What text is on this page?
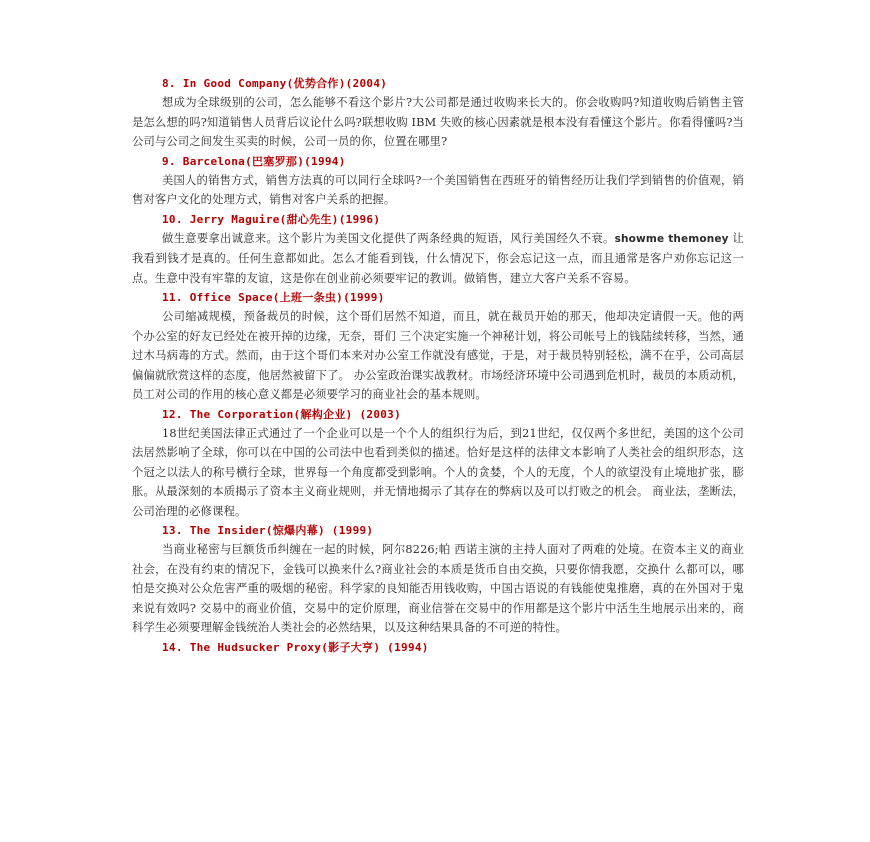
8. In Good Company(优势合作)(2004)

想成为全球级别的公司，怎么能够不看这个影片?大公司都是通过收购来长大的。你会收购吗?知道收购后销售主管是怎么想的吗?知道销售人员背后议论什么吗?联想收购 IBM 失败的核心因素就是根本没有看懂这个影片。你看得懂吗?当公司与公司之间发生买卖的时候，公司一员的你，位置在哪里?

9. Barcelona(巴塞罗那)(1994)

美国人的销售方式，销售方法真的可以同行全球吗?一个美国销售在西班牙的销售经历让我们学到销售的价值观，销售对客户文化的处理方式，销售对客户关系的把握。

10. Jerry Maguire(甜心先生)(1996)

做生意要拿出诚意来。这个影片为美国文化提供了两条经典的短语，风行美国经久不衰。showme themoney 让我看到钱才是真的。任何生意都如此。怎么才能看到钱，什么情况下，你会忘记这一点，而且通常是客户劝你忘记这一点。生意中没有牢靠的友谊，这是你在创业前必须要牢记的教训。做销售，建立大客户关系不容易。

11. Office Space(上班一条虫)(1999)

公司缩减规模，预备裁员的时候，这个哥们居然不知道，而且，就在裁员开始的那天，他却决定请假一天。他的两个办公室的好友已经处在被开掉的边缘，无奈，哥们 三个决定实施一个神秘计划，将公司帐号上的钱陆续转移，当然，通过木马病毒的方式。然而，由于这个哥们本来对办公室工作就没有感觉，于是，对于裁员特别轻松，满不在乎，公司高层偏偏就欣赏这样的态度，他居然被留下了。 办公室政治课实战教材。市场经济环境中公司遇到危机时，裁员的本质动机，员工对公司的作用的核心意义都是必须要学习的商业社会的基本规则。

12. The Corporation(解构企业) (2003)

18世纪美国法律正式通过了一个企业可以是一个个人的组织行为后，到21世纪，仅仅两个多世纪，美国的这个公司法居然影响了全球，你可以在中国的公司法中也看到类似的描述。恰好是这样的法律文本影响了人类社会的组织形态，这个冠之以法人的称号横行全球，世界每一个角度都受到影响。个人的贪婪，个人的无度，个人的欲望没有止境地扩张，膨胀。从最深刻的本质揭示了资本主义商业规则，并无情地揭示了其存在的弊病以及可以打败之的机会。 商业法，垄断法，公司治理的必修课程。

13. The Insider(惊爆内幕) (1999)

当商业秘密与巨额货币纠缠在一起的时候，阿尔8226;帕 西诺主演的主持人面对了两难的处境。在资本主义的商业社会，在没有约束的情况下，金钱可以换来什么?商业社会的本质是货币自由交换，只要你情我愿，交换什 么都可以，哪怕是交换对公众危害严重的吸烟的秘密。科学家的良知能否用钱收购，中国古语说的有钱能使鬼推磨，真的在外国对于鬼来说有效吗? 交易中的商业价值，交易中的定价原理，商业信誉在交易中的作用都是这个影片中活生生地展示出来的，商科学生必须要理解金钱统治人类社会的必然结果，以及这种结果具备的不可逆的特性。

14. The Hudsucker Proxy(影子大亨) (1994)
